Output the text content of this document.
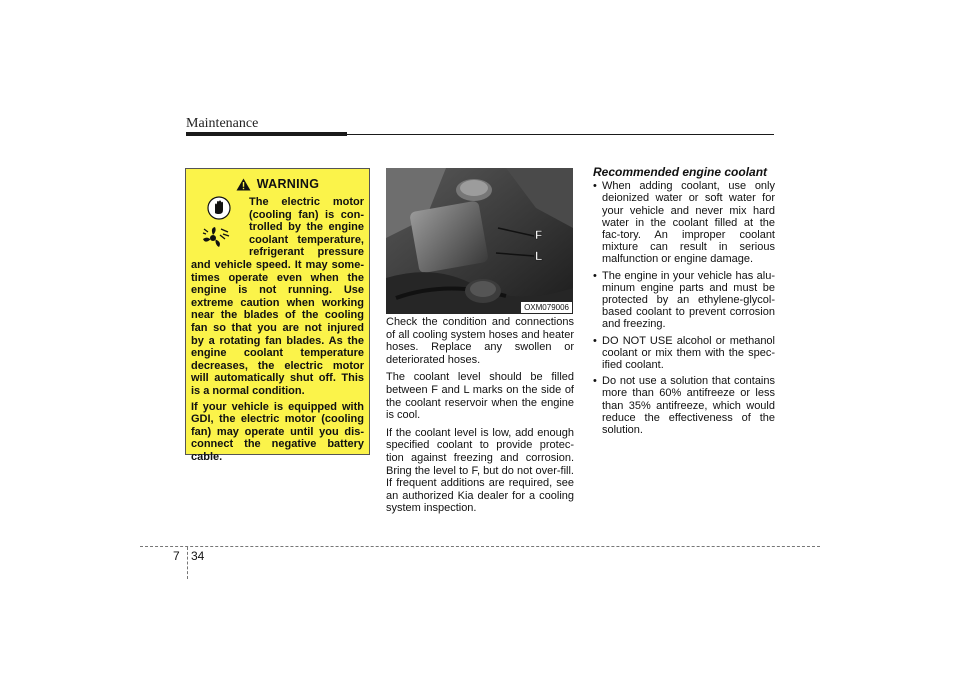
Maintenance
WARNING

The electric motor (cooling fan) is con-trolled by the engine coolant temperature, refrigerant pressure and vehicle speed. It may some-times operate even when the engine is not running. Use extreme caution when working near the blades of the cooling fan so that you are not injured by a rotating fan blades. As the engine coolant temperature decreases, the electric motor will automatically shut off. This is a normal condition.

If your vehicle is equipped with GDI, the electric motor (cooling fan) may operate until you dis-connect the negative battery cable.

F
L
OXM079006

Check the condition and connections of all cooling system hoses and heater hoses. Replace any swollen or deteriorated hoses.

The coolant level should be filled between F and L marks on the side of the coolant reservoir when the engine is cool.

If the coolant level is low, add enough specified coolant to provide protec-tion against freezing and corrosion. Bring the level to F, but do not over-fill. If frequent additions are required, see an authorized Kia dealer for a cooling system inspection.

Recommended engine coolant
• When adding coolant, use only deionized water or soft water for your vehicle and never mix hard water in the coolant filled at the fac-tory. An improper coolant mixture can result in serious malfunction or engine damage.
• The engine in your vehicle has alu-minum engine parts and must be protected by an ethylene-glycol-based coolant to prevent corrosion and freezing.
• DO NOT USE alcohol or methanol coolant or mix them with the spec-ified coolant.
• Do not use a solution that contains more than 60% antifreeze or less than 35% antifreeze, which would reduce the effectiveness of the solution.
7 34
